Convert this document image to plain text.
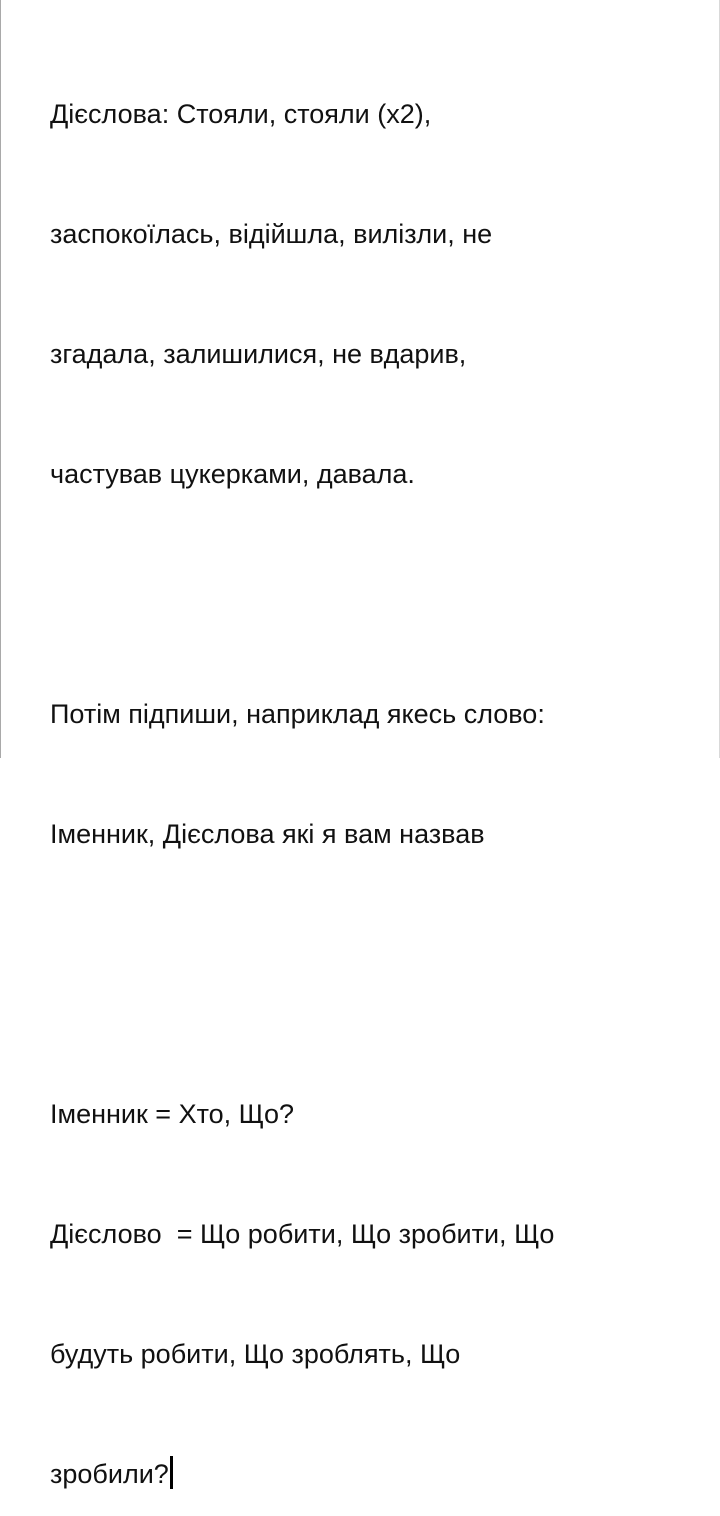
Дієслова: Стояли, стояли (х2),

заспокоїлась, відійшла, вилізли, не

згадала, залишилися, не вдарив,

частував цукерками, давала.

Потім підпиши, наприклад якесь слово:

Іменник, Дієслова які я вам назвав

Іменник = Хто, Що?

Дієслово  = Що робити, Що зробити, Що

будуть робити, Що зроблять, Що

зробили?
